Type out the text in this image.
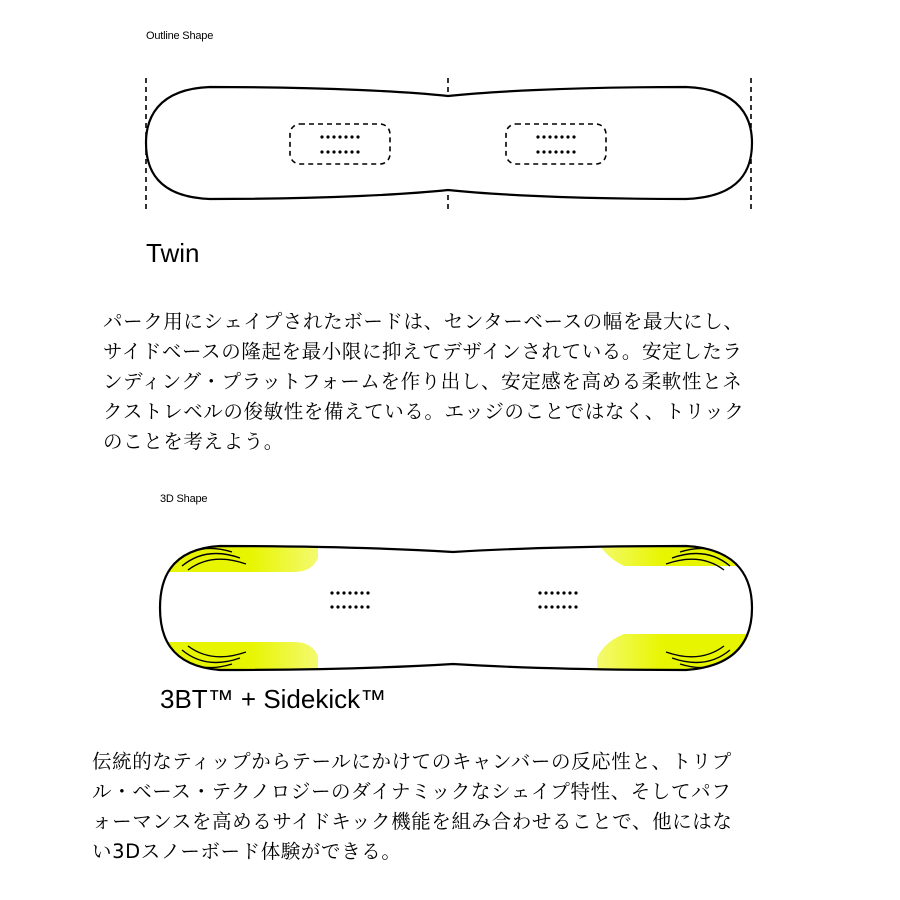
Outline Shape
Twin
パーク用にシェイプされたボードは、センターベースの幅を最大にし、
サイドベースの隆起を最小限に抑えてデザインされている。安定したラ
ンディング・プラットフォームを作り出し、安定感を高める柔軟性とネ
クストレベルの俊敏性を備えている。エッジのことではなく、トリック
のことを考えよう。
3D Shape
3BT™ + Sidekick™
伝統的なティップからテールにかけてのキャンバーの反応性と、トリプ
ル・ベース・テクノロジーのダイナミックなシェイプ特性、そしてパフ
ォーマンスを高めるサイドキック機能を組み合わせることで、他にはな
い3Dスノーボード体験ができる。
